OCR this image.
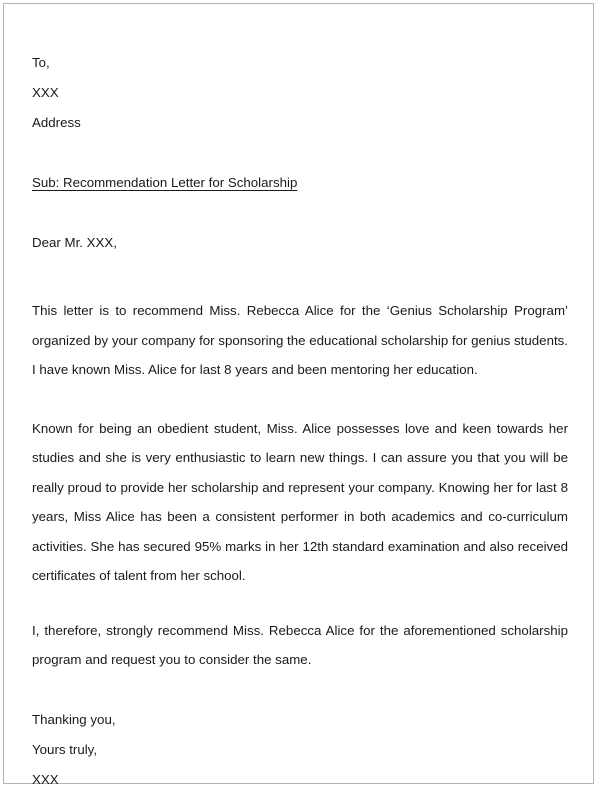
To,
XXX
Address
Sub: Recommendation Letter for Scholarship
Dear Mr. XXX,

This letter is to recommend Miss. Rebecca Alice for the ‘Genius Scholarship Program’ organized by your company for sponsoring the educational scholarship for genius students. I have known Miss. Alice for last 8 years and been mentoring her education.

Known for being an obedient student, Miss. Alice possesses love and keen towards her studies and she is very enthusiastic to learn new things. I can assure you that you will be really proud to provide her scholarship and represent your company. Knowing her for last 8 years, Miss Alice has been a consistent performer in both academics and co-curriculum activities. She has secured 95% marks in her 12th standard examination and also received certificates of talent from her school.

I, therefore, strongly recommend Miss. Rebecca Alice for the aforementioned scholarship program and request you to consider the same.

Thanking you,
Yours truly,
XXX
